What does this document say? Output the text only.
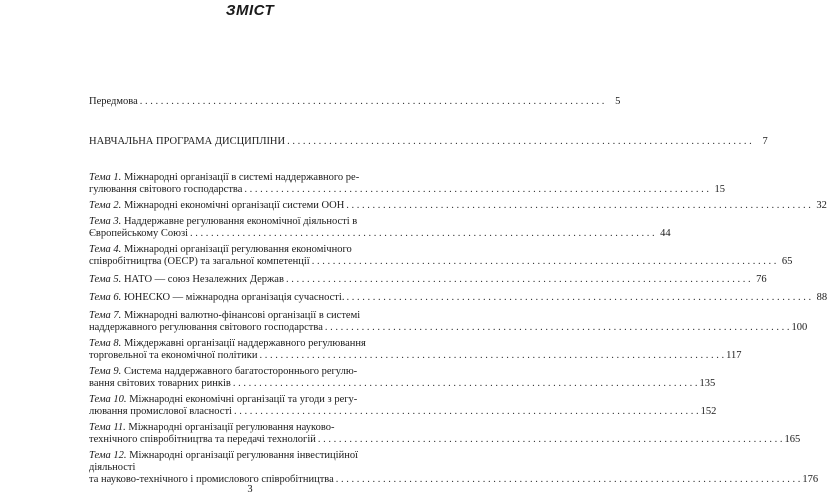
ЗМІСТ
Передмова . . . . . . . . . . . . . . . . . . . . . . . . . . . . . . . . . . . . . . . . . . . . . . . . . . . . . . . . . . . . . . . . . . . . . . . . . . . . . . . . . . . . . . . . .	5
НАВЧАЛЬНА ПРОГРАМА ДИСЦИПЛІНИ . . . . . . . . . . . . . . . . . . . . . . . . . . . . . . . . . . . . . . . . . . . . . . . . . . . . . . . . . . . . . . . . . . . . . . . . . . . . . . . . . . . . . . . . .	7
Тема 1. Міжнародні організації в системі наддержавного ре-
гулювання світового господарства . . . . . . . . . . . . . . . . . . . . . . . . . . . . . . . . . . . . . . . . . . . . . . . . . . . . . . . . . . . . . . . . . . . . . . . . . . . . . . . . . . . . . . . . . 15
Тема 2. Міжнародні економічні організації системи ООН . . . . . . . . . . . . . . . . . . . . . . . . . . . . . . . . . . . . . . . . . . . . . . . . . . . . . . . . . . . . . . . . . . . . . . . . . . . . . . . . . . . . . . . . . 32
Тема 3. Наддержавне регулювання економічної діяльності в
Європейському Союзі . . . . . . . . . . . . . . . . . . . . . . . . . . . . . . . . . . . . . . . . . . . . . . . . . . . . . . . . . . . . . . . . . . . . . . . . . . . . . . . . . . . . . . . . . 44
Тема 4. Міжнародні організації регулювання економічного
співробітництва (ОЕСР) та загальної компетенції . . . . . . . . . . . . . . . . . . . . . . . . . . . . . . . . . . . . . . . . . . . . . . . . . . . . . . . . . . . . . . . . . . . . . . . . . . . . . . . . . . . . . . . . . 65
Тема 5. НАТО — союз Незалежних Держав . . . . . . . . . . . . . . . . . . . . . . . . . . . . . . . . . . . . . . . . . . . . . . . . . . . . . . . . . . . . . . . . . . . . . . . . . . . . . . . . . . . . . . . . . 76
Тема 6. ЮНЕСКО — міжнародна організація сучасності. . . . . . . . . . . . . . . . . . . . . . . . . . . . . . . . . . . . . . . . . . . . . . . . . . . . . . . . . . . . . . . . . . . . . . . . . . . . . . . . . . . . . . . . . . 88
Тема 7. Міжнародні валютно-фінансові організації в системі
наддержавного регулювання світового господарства . . . . . . . . . . . . . . . . . . . . . . . . . . . . . . . . . . . . . . . . . . . . . . . . . . . . . . . . . . . . . . . . . . . . . . . . . . . . . . . . . . . . . . . . . 100
Тема 8. Міждержавні організації наддержавного регулювання
торговельної та економічної політики . . . . . . . . . . . . . . . . . . . . . . . . . . . . . . . . . . . . . . . . . . . . . . . . . . . . . . . . . . . . . . . . . . . . . . . . . . . . . . . . . . . . . . . . . 117
Тема 9. Система наддержавного багатостороннього регулю-
вання світових товарних ринків . . . . . . . . . . . . . . . . . . . . . . . . . . . . . . . . . . . . . . . . . . . . . . . . . . . . . . . . . . . . . . . . . . . . . . . . . . . . . . . . . . . . . . . . . 135
Тема 10. Міжнародні економічні організації та угоди з регу-
лювання промислової власності . . . . . . . . . . . . . . . . . . . . . . . . . . . . . . . . . . . . . . . . . . . . . . . . . . . . . . . . . . . . . . . . . . . . . . . . . . . . . . . . . . . . . . . . . 152
Тема 11. Міжнародні організації регулювання науково-
технічного співробітництва та передачі технологій . . . . . . . . . . . . . . . . . . . . . . . . . . . . . . . . . . . . . . . . . . . . . . . . . . . . . . . . . . . . . . . . . . . . . . . . . . . . . . . . . . . . . . . . . 165
Тема 12. Міжнародні організації регулювання інвестиційної діяльності
та науково-технічного і промислового співробітництва . . . . . . . . . . . . . . . . . . . . . . . . . . . . . . . . . . . . . . . . . . . . . . . . . . . . . . . . . . . . . . . . . . . . . . . . . . . . . . . . . . . . . . . . . 176
3
